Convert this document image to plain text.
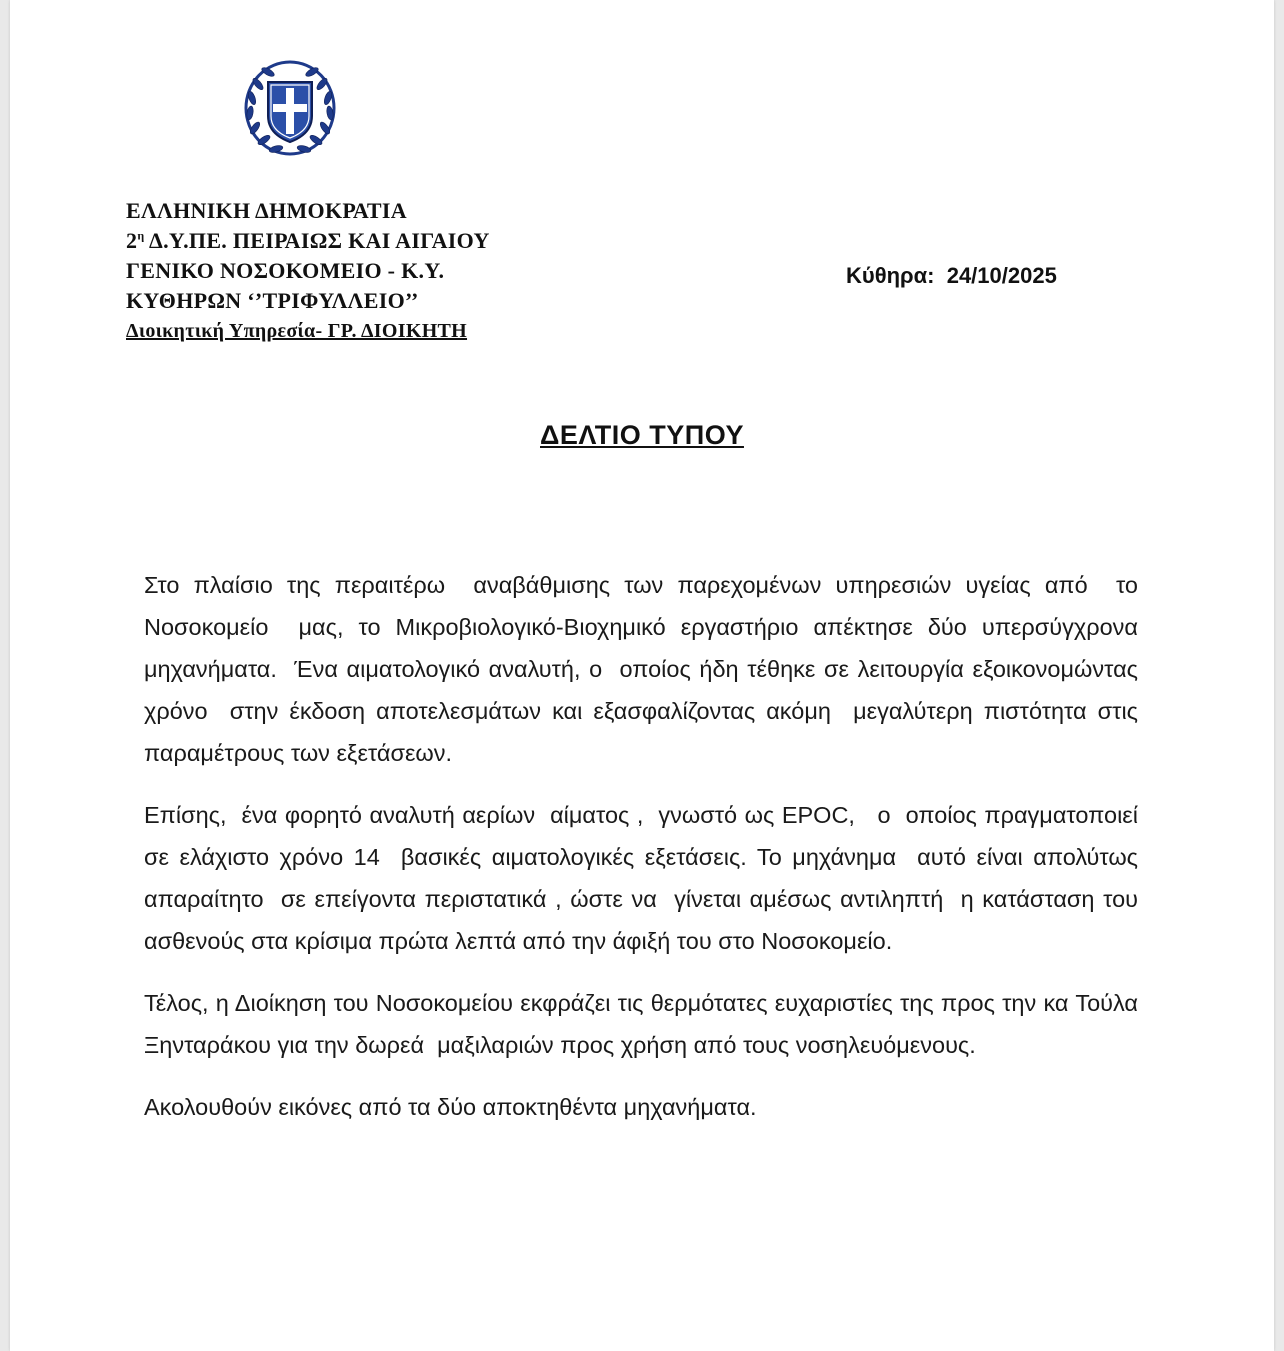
ΕΛΛΗΝΙΚΗ ΔΗΜΟΚΡΑΤΙΑ
$2^\eta$ Δ.Υ.ΠΕ. ΠΕΙΡΑΙΩΣ ΚΑΙ ΑΙΓΑΙΟΥ
ΓΕΝΙΚΟ ΝΟΣΟΚΟΜΕΙΟ - Κ.Υ.
ΚΥΘΗΡΩΝ ‘’ΤΡΙΦΥΛΛΕΙΟ’’
Διοικητική Υπηρεσία- ΓΡ. ΔΙΟΙΚΗΤΗ
Κύθηρα:  24/10/2025
ΔΕΛΤΙΟ ΤΥΠΟΥ

Στο πλαίσιο της περαιτέρω  αναβάθμισης των παρεχομένων υπηρεσιών υγείας από  το Νοσοκομείο  μας, το Μικροβιολογικό-Βιοχημικό εργαστήριο απέκτησε δύο υπερσύγχρονα μηχανήματα.  Ένα αιματολογικό αναλυτή, ο  οποίος ήδη τέθηκε σε λειτουργία εξοικονομώντας  χρόνο  στην έκδοση αποτελεσμάτων και εξασφαλίζοντας ακόμη  μεγαλύτερη πιστότητα στις παραμέτρους των εξετάσεων.

Επίσης,  ένα φορητό αναλυτή αερίων  αίματος ,  γνωστό ως EPOC,   ο  οποίος πραγματοποιεί σε ελάχιστο χρόνο 14  βασικές αιματολογικές εξετάσεις. Το μηχάνημα  αυτό είναι απολύτως απαραίτητο  σε επείγοντα περιστατικά , ώστε να  γίνεται αμέσως αντιληπτή  η κατάσταση του ασθενούς στα κρίσιμα πρώτα λεπτά από την άφιξή του στο Νοσοκομείο.

Τέλος, η Διοίκηση του Νοσοκομείου εκφράζει τις θερμότατες ευχαριστίες της προς την κα Τούλα Ξηνταράκου για την δωρεά  μαξιλαριών προς χρήση από τους νοσηλευόμενους.

Ακολουθούν εικόνες από τα δύο αποκτηθέντα μηχανήματα.
